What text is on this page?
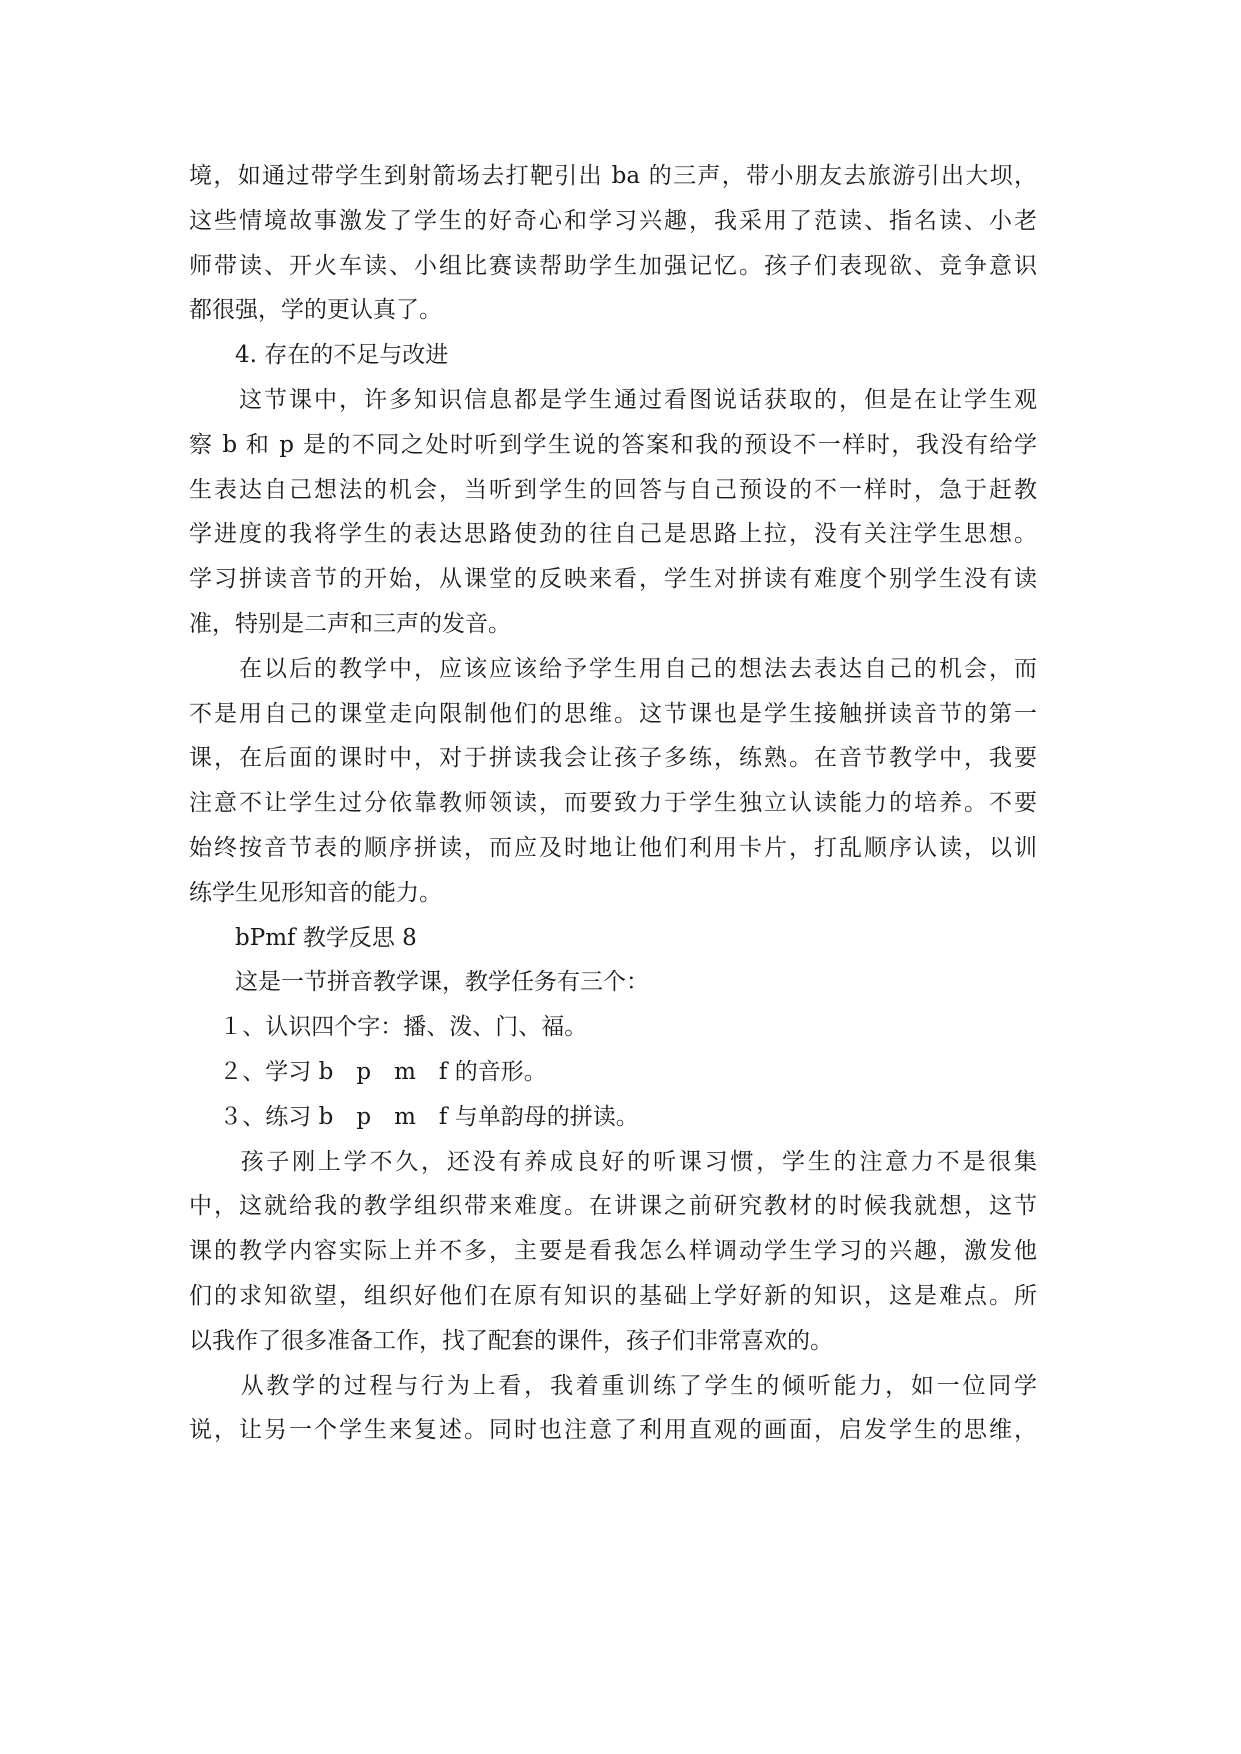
境，如通过带学生到射箭场去打靶引出 ba 的三声，带小朋友去旅游引出大坝，
这些情境故事激发了学生的好奇心和学习兴趣，我采用了范读、指名读、小老
师带读、开火车读、小组比赛读帮助学生加强记忆。孩子们表现欲、竞争意识
都很强，学的更认真了。
　　4. 存在的不足与改进
　　这节课中，许多知识信息都是学生通过看图说话获取的，但是在让学生观
察 b 和 p 是的不同之处时听到学生说的答案和我的预设不一样时，我没有给学
生表达自己想法的机会，当听到学生的回答与自己预设的不一样时，急于赶教
学进度的我将学生的表达思路使劲的往自己是思路上拉，没有关注学生思想。
学习拼读音节的开始，从课堂的反映来看，学生对拼读有难度个别学生没有读
准，特别是二声和三声的发音。
　　在以后的教学中，应该应该给予学生用自己的想法去表达自己的机会，而
不是用自己的课堂走向限制他们的思维。这节课也是学生接触拼读音节的第一
课，在后面的课时中，对于拼读我会让孩子多练，练熟。在音节教学中，我要
注意不让学生过分依靠教师领读，而要致力于学生独立认读能力的培养。不要
始终按音节表的顺序拼读，而应及时地让他们利用卡片，打乱顺序认读，以训
练学生见形知音的能力。
　　bPmf 教学反思 8
　　这是一节拼音教学课，教学任务有三个：
　 １、认识四个字：播、泼、门、福。
　 ２、学习 b　p　m　f 的音形。
　 ３、练习 b　p　m　f 与单韵母的拼读。
　　孩子刚上学不久，还没有养成良好的听课习惯，学生的注意力不是很集
中，这就给我的教学组织带来难度。在讲课之前研究教材的时候我就想，这节
课的教学内容实际上并不多，主要是看我怎么样调动学生学习的兴趣，激发他
们的求知欲望，组织好他们在原有知识的基础上学好新的知识，这是难点。所
以我作了很多准备工作，找了配套的课件，孩子们非常喜欢的。
　　从教学的过程与行为上看，我着重训练了学生的倾听能力，如一位同学
说，让另一个学生来复述。同时也注意了利用直观的画面，启发学生的思维，
